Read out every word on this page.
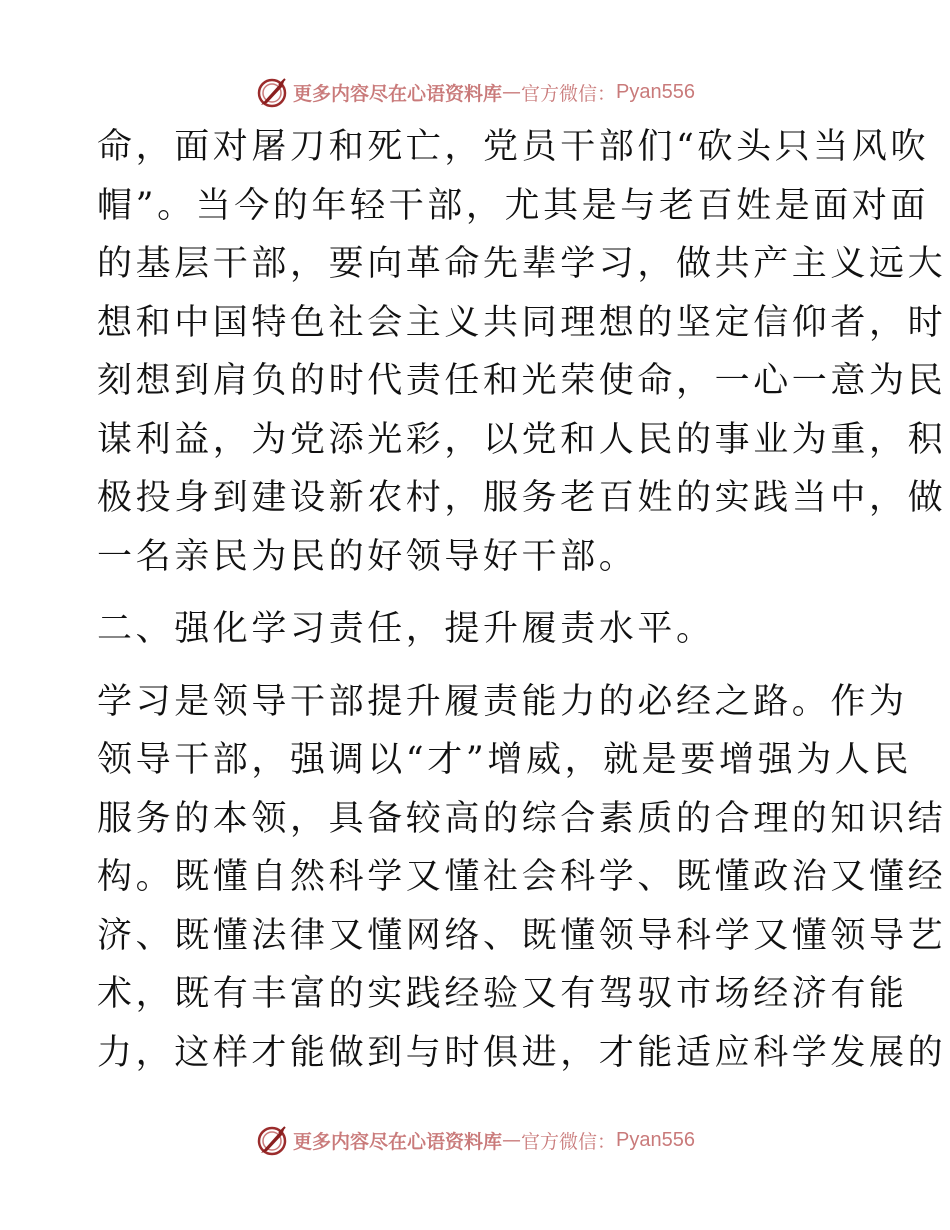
更多内容尽在心语资料库 — 官方微信： Pyan556
命，面对屠刀和死亡，党员干部们“砍头只当风吹
帽”。当今的年轻干部，尤其是与老百姓是面对面
的基层干部，要向革命先辈学习，做共产主义远大
想和中国特色社会主义共同理想的坚定信仰者，时
刻想到肩负的时代责任和光荣使命，一心一意为民
谋利益，为党添光彩，以党和人民的事业为重，积
极投身到建设新农村，服务老百姓的实践当中，做
一名亲民为民的好领导好干部。
二、强化学习责任，提升履责水平。
学习是领导干部提升履责能力的必经之路。作为
领导干部，强调以“才”增威，就是要增强为人民
服务的本领，具备较高的综合素质的合理的知识结
构。既懂自然科学又懂社会科学、既懂政治又懂经
济、既懂法律又懂网络、既懂领导科学又懂领导艺
术，既有丰富的实践经验又有驾驭市场经济有能
力，这样才能做到与时俱进，才能适应科学发展的
更多内容尽在心语资料库 — 官方微信： Pyan556
